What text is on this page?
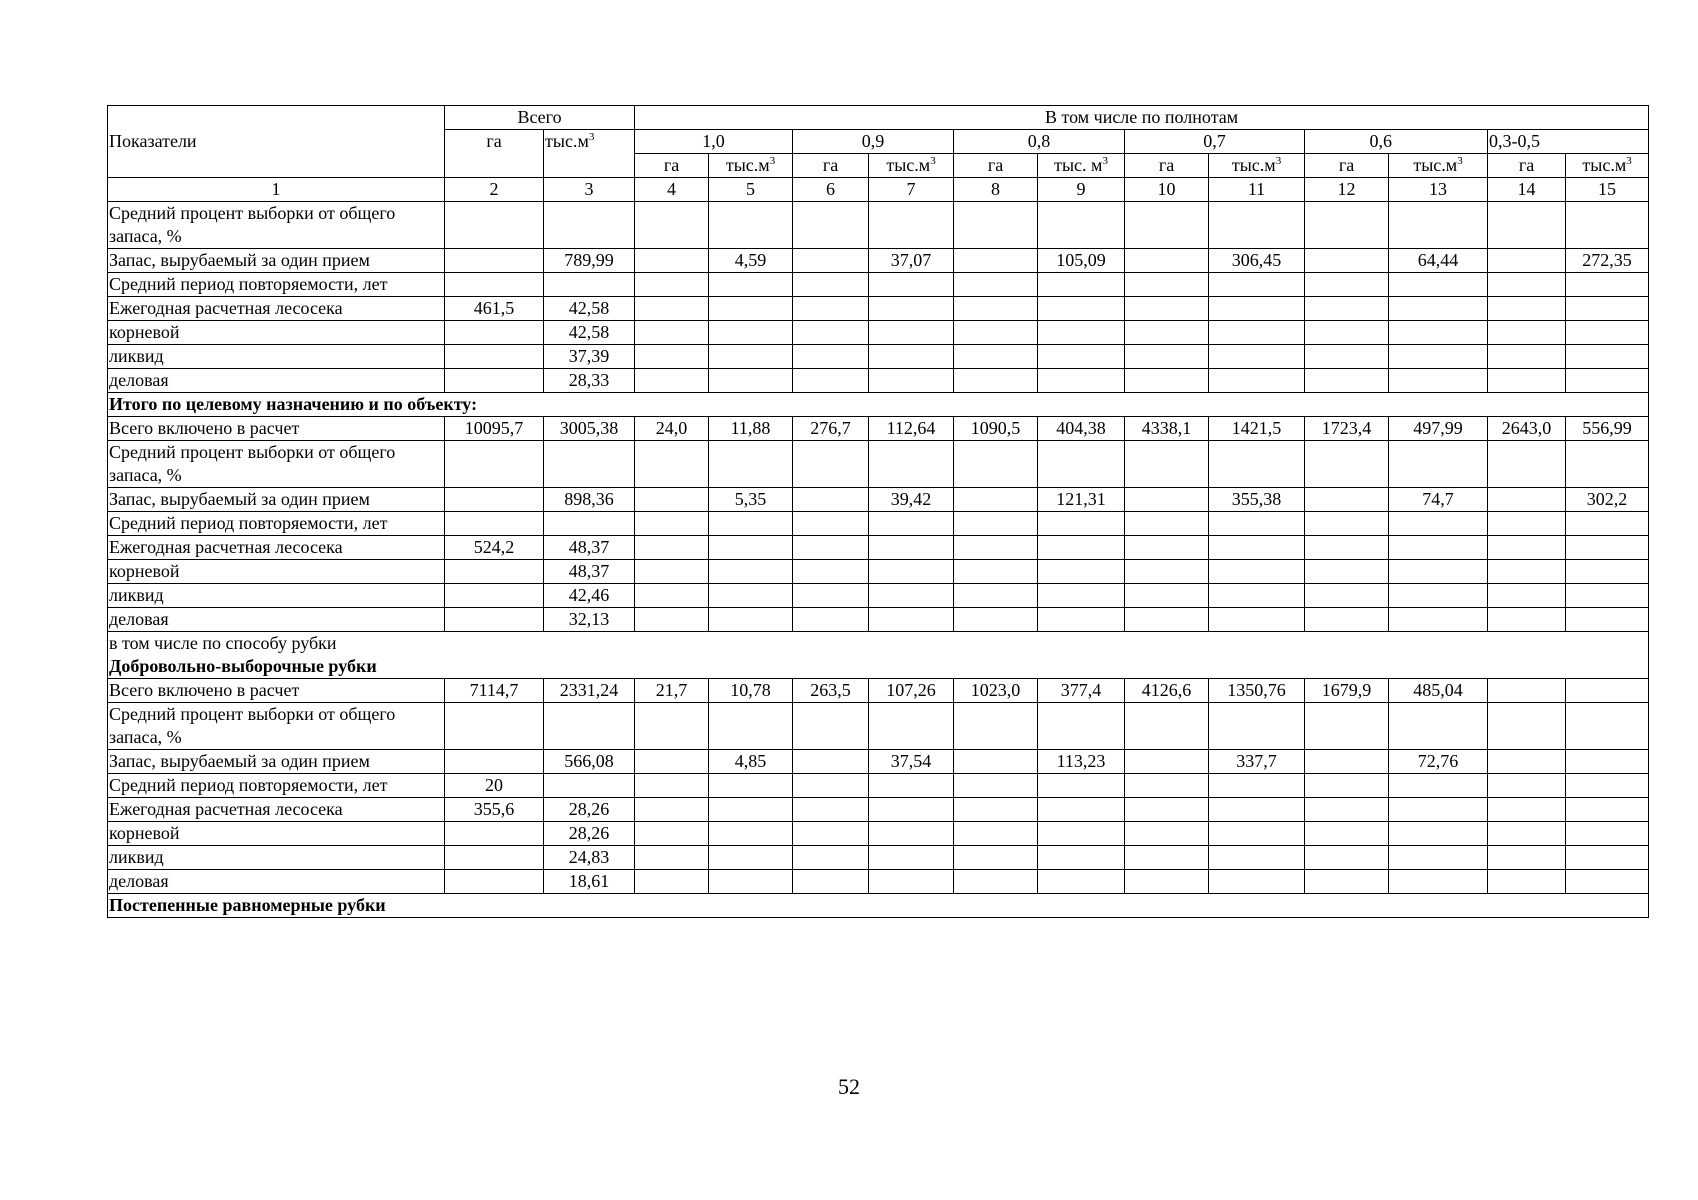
Показатели	Всего		В том числе по полнотам											
	га	$тыс.м^3$	1,0		0,9		0,8		0,7			0,6	0,3-0,5	
			га	$тыс.м^3$	га	$тыс.м^3$	га	тыс. $м^3$	га	$тыс.м^3$	га	$тыс.м^3$	га	$тыс.м^3$
1	2	3	4	5	6	7	8	9	10	11	12	13	14	15
Средний процент выборки от общего запаса, %														
Запас, вырубаемый за один прием		789,99		4,59		37,07		105,09		306,45		64,44		272,35
Средний период повторяемости, лет														
Ежегодная расчетная лесосека	461,5	42,58												
корневой		42,58												
ликвид		37,39												
деловая		28,33												

Итого по целевому назначению и по объекту:														

Всего включено в расчет	10095,7	3005,38	24,0	11,88	276,7	112,64	1090,5	404,38	4338,1	1421,5	1723,4	497,99	2643,0	556,99
Средний процент выборки от общего запаса, %														
Запас, вырубаемый за один прием		898,36		5,35		39,42		121,31		355,38		74,7		302,2
Средний период повторяемости, лет														
Ежегодная расчетная лесосека	524,2	48,37												
корневой		48,37												
ликвид		42,46												
деловая		32,13												

в том числе по способу рубки
Добровольно-выборочные рубки														

Всего включено в расчет	7114,7	2331,24	21,7	10,78	263,5	107,26	1023,0	377,4	4126,6	1350,76	1679,9	485,04		
Средний процент выборки от общего запаса, %														
Запас, вырубаемый за один прием		566,08		4,85		37,54		113,23		337,7		72,76		
Средний период повторяемости, лет	20													
Ежегодная расчетная лесосека	355,6	28,26												
корневой		28,26												
ликвид		24,83												
деловая		18,61												

Постепенные равномерные рубки														
52
